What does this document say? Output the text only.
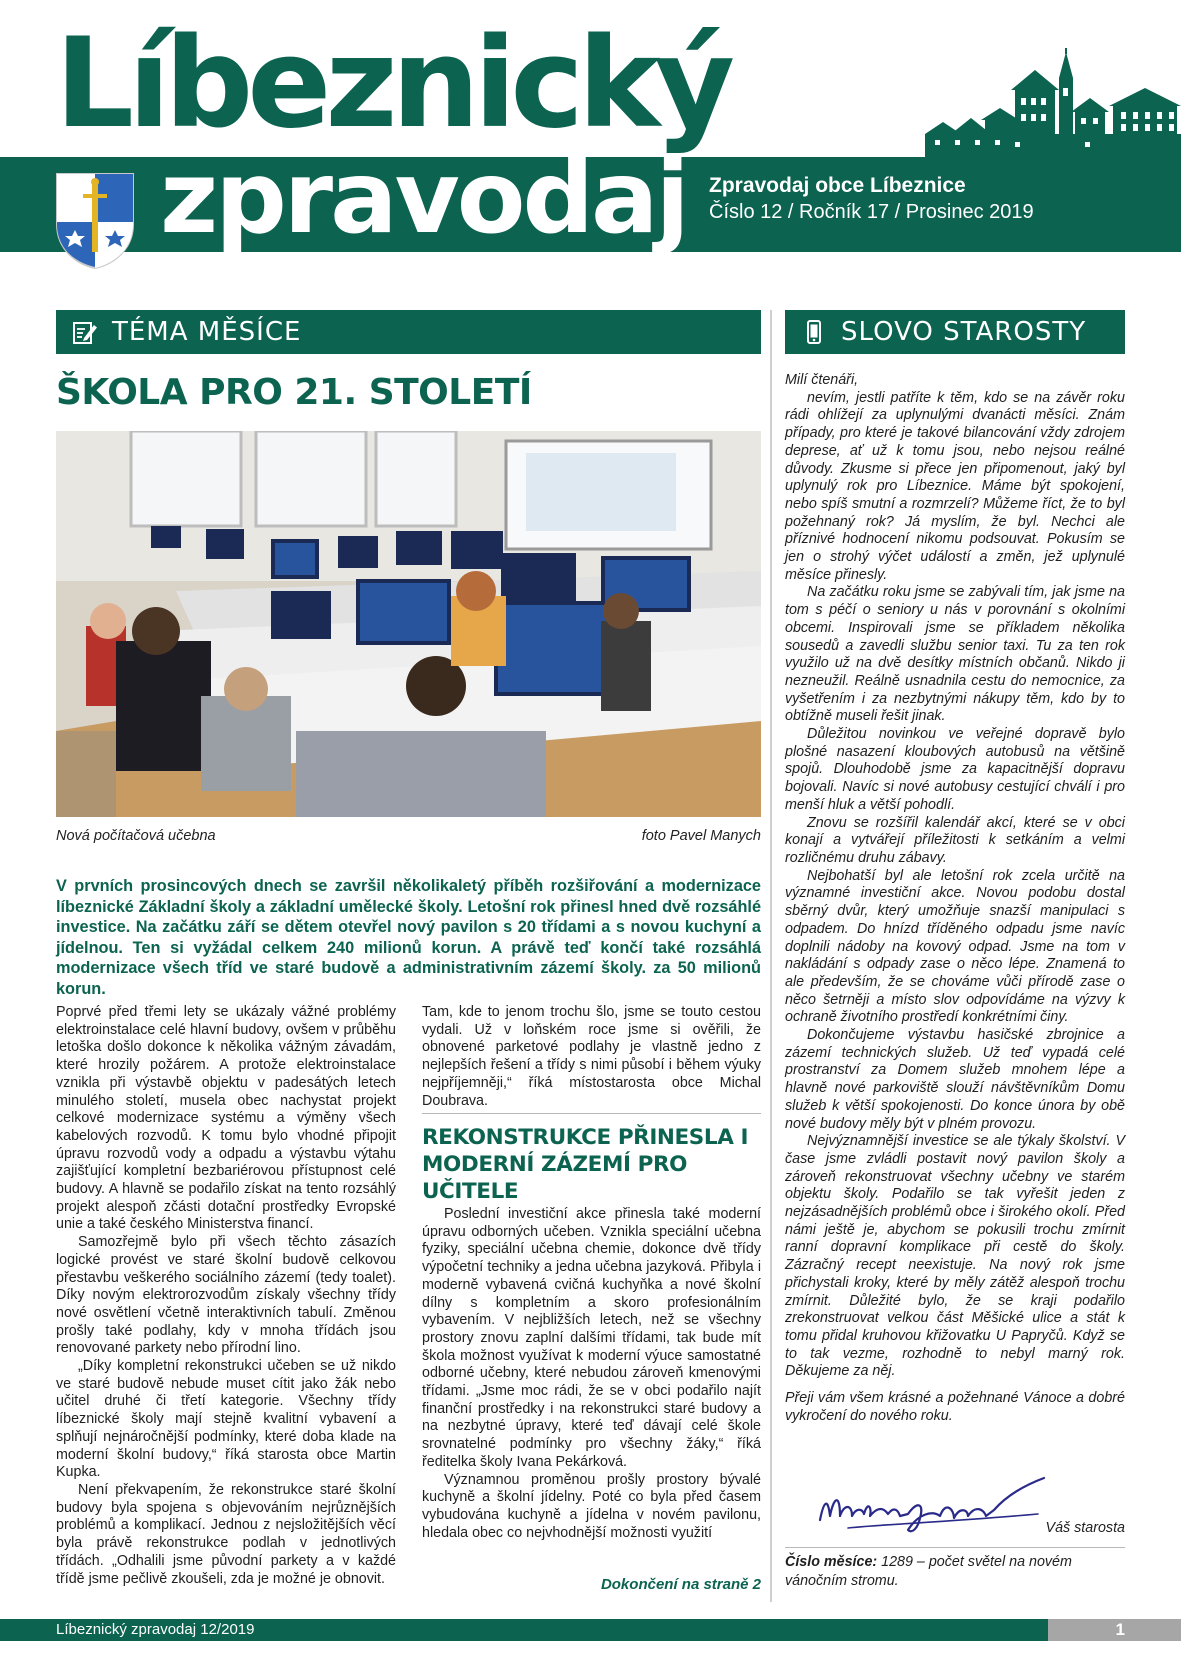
Líbeznický
zpravodaj Zpravodaj obce Líbeznice
Číslo 12 / Ročník 17 / Prosinec 2019
TÉMA MĚSÍCE
ŠKOLA PRO 21. STOLETÍ
Nová počítačová učebna	foto Pavel Manych
V prvních prosincových dnech se završil několikaletý příběh rozšiřování a modernizace líbeznické Základní školy a základní umělecké školy. Letošní rok přinesl hned dvě rozsáhlé investice. Na začátku září se dětem otevřel nový pavilon s 20 třídami a s novou kuchyní a jídelnou. Ten si vyžádal celkem 240 milionů korun. A právě teď končí také rozsáhlá modernizace všech tříd ve staré budově a administrativním zázemí školy. za 50 milionů korun.

Poprvé před třemi lety se ukázaly vážné problémy elektroinstalace celé hlavní budovy, ovšem v průběhu letoška došlo dokonce k několika vážným závadám, které hrozily požárem. A protože elektroinstalace vznikla při výstavbě objektu v padesátých letech minulého století, musela obec nachystat projekt celkové modernizace systému a výměny všech kabelových rozvodů. K tomu bylo vhodné připojit úpravu rozvodů vody a odpadu a výstavbu výtahu zajišťující kompletní bezbariérovou přístupnost celé budovy. A hlavně se podařilo získat na tento rozsáhlý projekt alespoň zčásti dotační prostředky Evropské unie a také českého Ministerstva financí.

Samozřejmě bylo při všech těchto zásazích logické provést ve staré školní budově celkovou přestavbu veškerého sociálního zázemí (tedy toalet). Díky novým elektrorozvodům získaly všechny třídy nové osvětlení včetně interaktivních tabulí. Změnou prošly také podlahy, kdy v mnoha třídách jsou renovované parkety nebo přírodní lino.

„Díky kompletní rekonstrukci učeben se už nikdo ve staré budově nebude muset cítit jako žák nebo učitel druhé či třetí kategorie. Všechny třídy líbeznické školy mají stejně kvalitní vybavení a splňují nejnáročnější podmínky, které doba klade na moderní školní budovy,“ říká starosta obce Martin Kupka.

Není překvapením, že rekonstrukce staré školní budovy byla spojena s objevováním nejrůznějších problémů a komplikací. Jednou z nejsložitějších věcí byla právě rekonstrukce podlah v jednotlivých třídách. „Odhalili jsme původní parkety a v každé třídě jsme pečlivě zkoušeli, zda je možné je obnovit.

Tam, kde to jenom trochu šlo, jsme se touto cestou vydali. Už v loňském roce jsme si ověřili, že obnovené parketové podlahy je vlastně jedno z nejlepších řešení a třídy s nimi působí i během výuky nejpříjemněji,“ říká místostarosta obce Michal Doubrava.

REKONSTRUKCE PŘINESLA I MODERNÍ ZÁZEMÍ PRO UČITELE

Poslední investiční akce přinesla také moderní úpravu odborných učeben. Vznikla speciální učebna fyziky, speciální učebna chemie, dokonce dvě třídy výpočetní techniky a jedna učebna jazyková. Přibyla i moderně vybavená cvičná kuchyňka a nové školní dílny s kompletním a skoro profesionálním vybavením. V nejbližších letech, než se všechny prostory znovu zaplní dalšími třídami, tak bude mít škola možnost využívat k moderní výuce samostatné odborné učebny, které nebudou zároveň kmenovými třídami. „Jsme moc rádi, že se v obci podařilo najít finanční prostředky i na rekonstrukci staré budovy a na nezbytné úpravy, které teď dávají celé škole srovnatelné podmínky pro všechny žáky,“ říká ředitelka školy Ivana Pekárková.

Významnou proměnou prošly prostory bývalé kuchyně a školní jídelny. Poté co byla před časem vybudována kuchyně a jídelna v novém pavilonu, hledala obec co nejvhodnější možnosti využití

Dokončení na straně 2
SLOVO STAROSTY

Milí čtenáři,

nevím, jestli patříte k těm, kdo se na závěr roku rádi ohlížejí za uplynulými dvanácti měsíci. Znám případy, pro které je takové bilancování vždy zdrojem deprese, ať už k tomu jsou, nebo nejsou reálné důvody. Zkusme si přece jen připomenout, jaký byl uplynulý rok pro Líbeznice. Máme být spokojení, nebo spíš smutní a rozmrzelí? Můžeme říct, že to byl požehnaný rok? Já myslím, že byl. Nechci ale příznivé hodnocení nikomu podsouvat. Pokusím se jen o strohý výčet událostí a změn, jež uplynulé měsíce přinesly.

Na začátku roku jsme se zabývali tím, jak jsme na tom s péčí o seniory u nás v porovnání s okolními obcemi. Inspirovali jsme se příkladem několika sousedů a zavedli službu senior taxi. Tu za ten rok využilo už na dvě desítky místních občanů. Nikdo ji nezneužil. Reálně usnadnila cestu do nemocnice, za vyšetřením i za nezbytnými nákupy těm, kdo by to obtížně museli řešit jinak.

Důležitou novinkou ve veřejné dopravě bylo plošné nasazení kloubových autobusů na většině spojů. Dlouhodobě jsme za kapacitnější dopravu bojovali. Navíc si nové autobusy cestující chválí i pro menší hluk a větší pohodlí.

Znovu se rozšířil kalendář akcí, které se v obci konají a vytvářejí příležitosti k setkáním a velmi rozličnému druhu zábavy.

Nejbohatší byl ale letošní rok zcela určitě na významné investiční akce. Novou podobu dostal sběrný dvůr, který umožňuje snazší manipulaci s odpadem. Do hnízd tříděného odpadu jsme navíc doplnili nádoby na kovový odpad. Jsme na tom v nakládání s odpady zase o něco lépe. Znamená to ale především, že se chováme vůči přírodě zase o něco šetrněji a místo slov odpovídáme na výzvy k ochraně životního prostředí konkrétními činy.

Dokončujeme výstavbu hasičské zbrojnice a zázemí technických služeb. Už teď vypadá celé prostranství za Domem služeb mnohem lépe a hlavně nové parkoviště slouží návštěvníkům Domu služeb k větší spokojenosti. Do konce února by obě nové budovy měly být v plném provozu.

Nejvýznamnější investice se ale týkaly školství. V čase jsme zvládli postavit nový pavilon školy a zároveň rekonstruovat všechny učebny ve starém objektu školy. Podařilo se tak vyřešit jeden z nejzásadnějších problémů obce i širokého okolí. Před námi ještě je, abychom se pokusili trochu zmírnit ranní dopravní komplikace při cestě do školy. Zázračný recept neexistuje. Na nový rok jsme přichystali kroky, které by měly zátěž alespoň trochu zmírnit. Důležité bylo, že se kraji podařilo zrekonstruovat velkou část Měšické ulice a stát k tomu přidal kruhovou křižovatku U Papryčů. Když se to tak vezme, rozhodně to nebyl marný rok. Děkujeme za něj.

Přeji vám všem krásné a požehnané Vánoce a dobré vykročení do nového roku.

Váš starosta
Číslo měsíce: 1289 – počet světel na novém vánočním stromu.
Líbeznický zpravodaj 12/2019	1
